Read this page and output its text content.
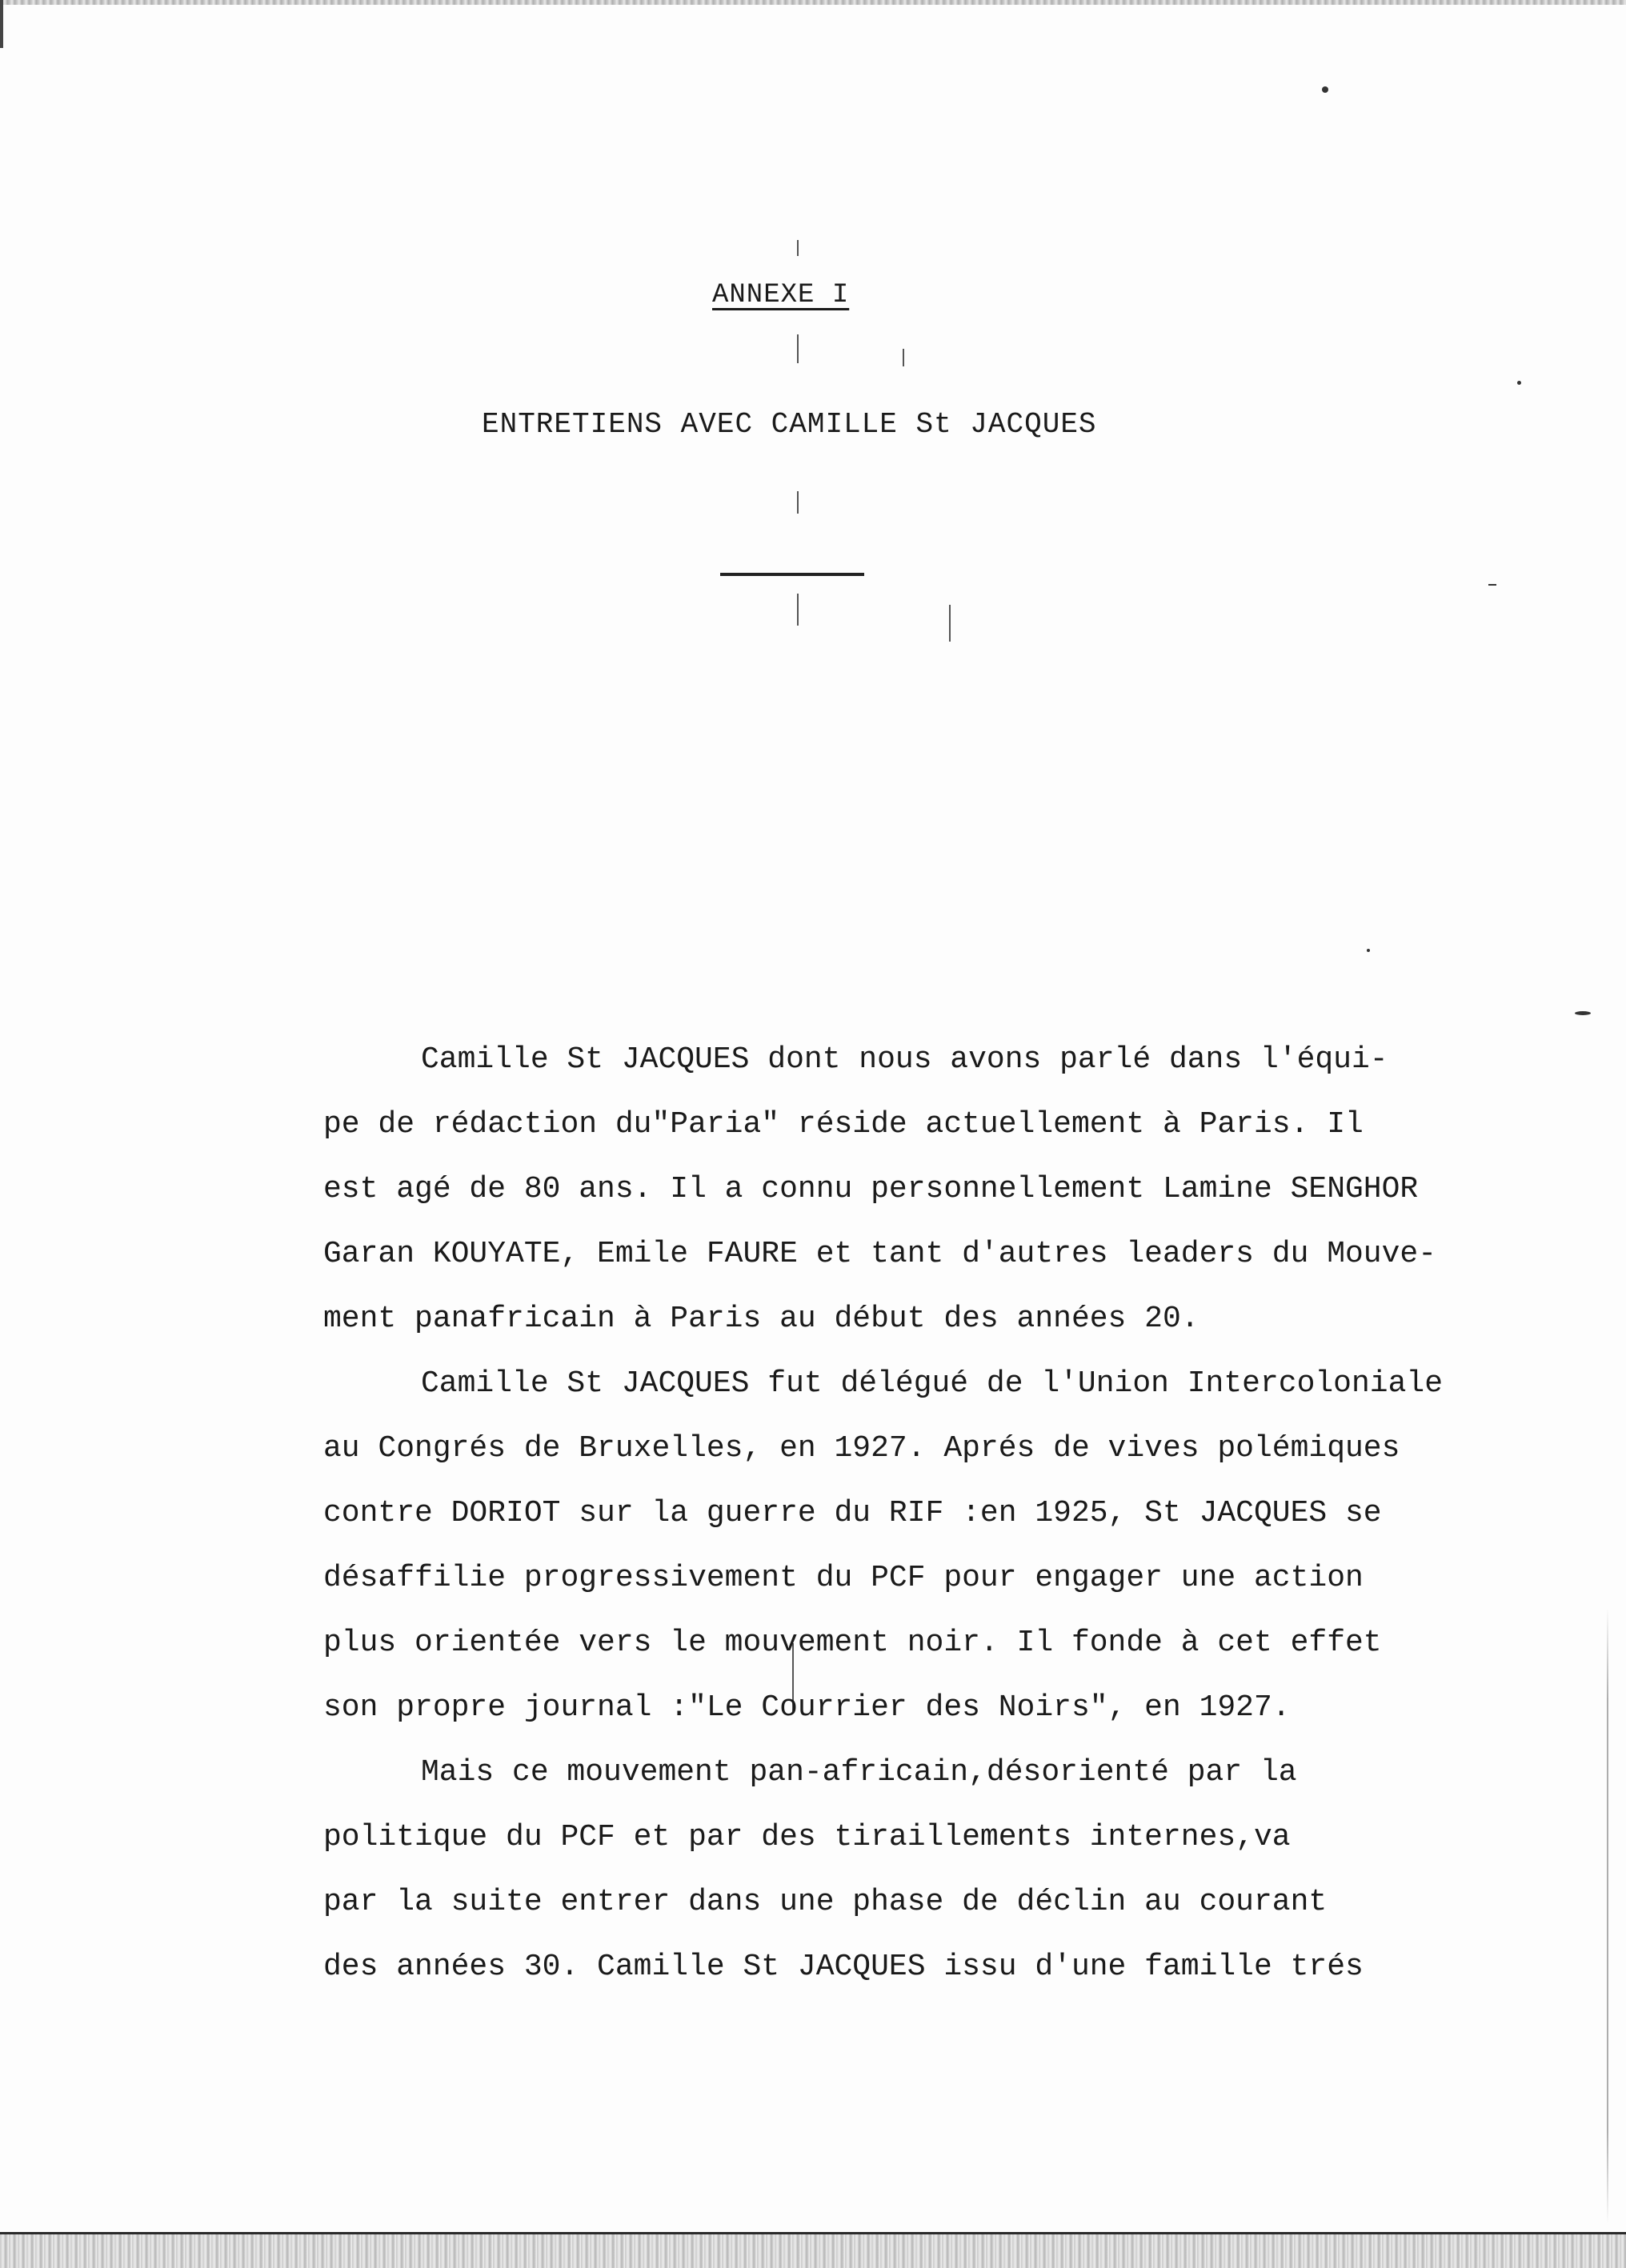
ANNEXE I
ENTRETIENS AVEC CAMILLE St JACQUES
Camille St JACQUES dont nous avons parlé dans l'équi-
pe de rédaction du"Paria" réside actuellement à Paris. Il
est agé de 80 ans. Il a connu personnellement Lamine SENGHOR
Garan KOUYATE, Emile FAURE et tant d'autres leaders du Mouve-
ment panafricain à Paris au début des années 20.
Camille St JACQUES fut délégué de l'Union Intercoloniale
au Congrés de Bruxelles, en 1927. Aprés de vives polémiques
contre DORIOT sur la guerre du RIF :en 1925, St JACQUES se
désaffilie progressivement du PCF pour engager une action
plus orientée vers le mouvement noir. Il fonde à cet effet
son propre journal :"Le Courrier des Noirs", en 1927.
Mais ce mouvement pan-africain,désorienté par la
politique du PCF et par des tiraillements internes,va
par la suite entrer dans une phase de déclin au courant
des années 30. Camille St JACQUES issu d'une famille trés
